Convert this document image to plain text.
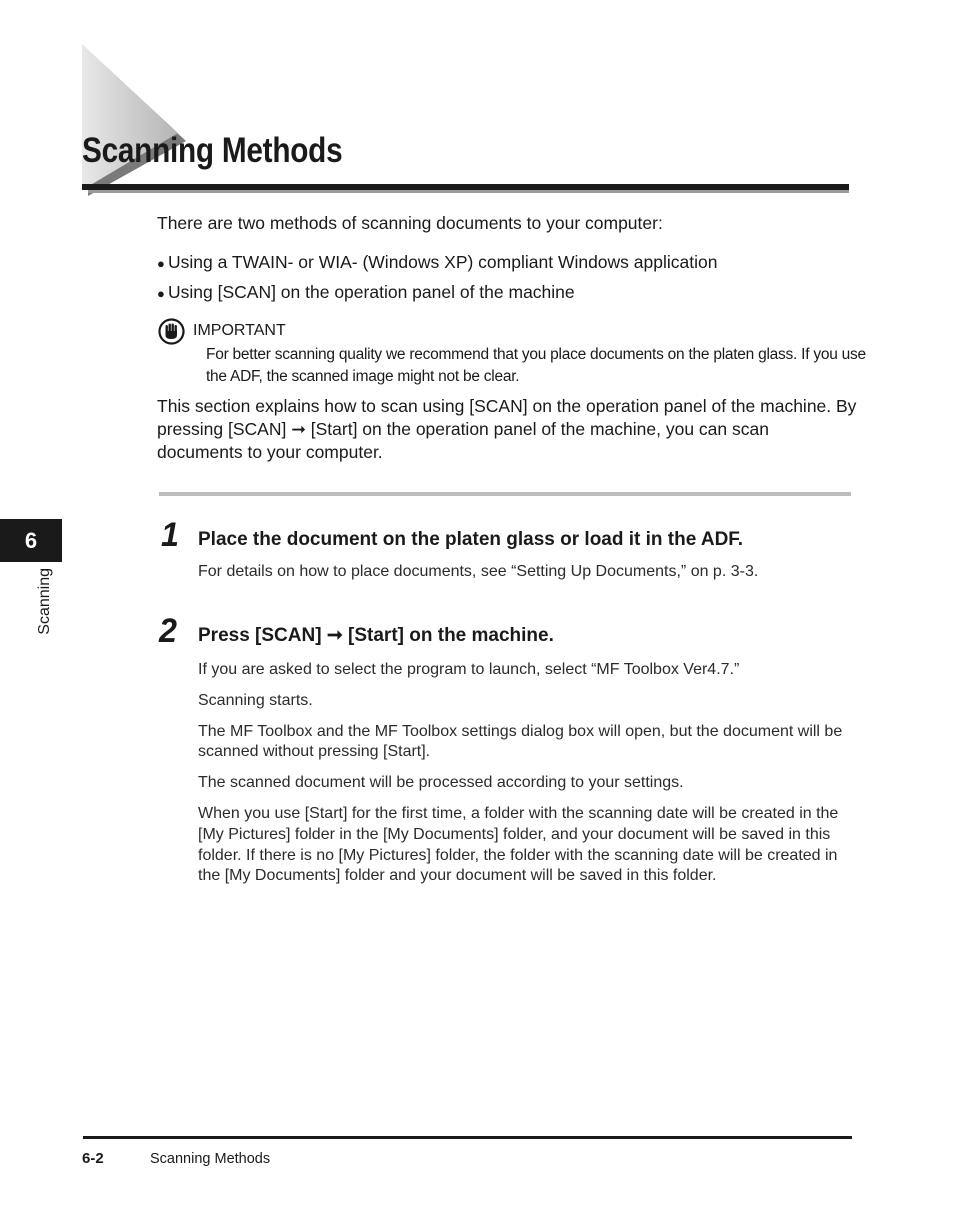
Scanning Methods

There are two methods of scanning documents to your computer:

● Using a TWAIN- or WIA- (Windows XP) compliant Windows application
● Using [SCAN] on the operation panel of the machine
IMPORTANT

For better scanning quality we recommend that you place documents on the platen glass. If you use the ADF, the scanned image might not be clear.

This section explains how to scan using [SCAN] on the operation panel of the machine. By pressing [SCAN] ➞ [Start] on the operation panel of the machine, you can scan documents to your computer.

1 Place the document on the platen glass or load it in the ADF.

For details on how to place documents, see “Setting Up Documents,” on p. 3-3.

2 Press [SCAN] ➞ [Start] on the machine.

If you are asked to select the program to launch, select “MF Toolbox Ver4.7.”

Scanning starts.

The MF Toolbox and the MF Toolbox settings dialog box will open, but the document will be scanned without pressing [Start].

The scanned document will be processed according to your settings.

When you use [Start] for the first time, a folder with the scanning date will be created in the [My Pictures] folder in the [My Documents] folder, and your document will be saved in this folder. If there is no [My Pictures] folder, the folder with the scanning date will be created in the [My Documents] folder and your document will be saved in this folder.

6
Scanning
6-2	Scanning Methods
